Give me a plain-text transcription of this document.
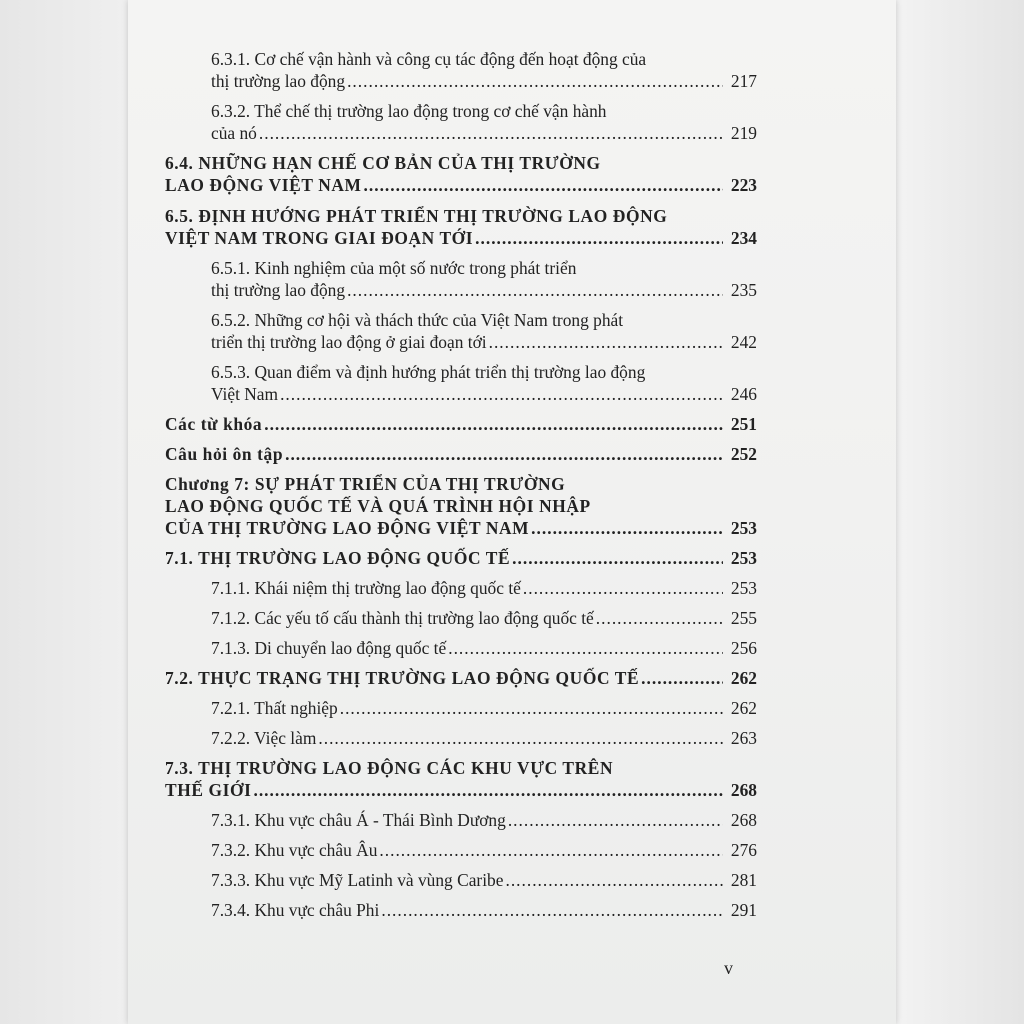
6.3.1. Cơ chế vận hành và công cụ tác động đến hoạt động của
thị trường lao động .....	217
6.3.2. Thể chế thị trường lao động trong cơ chế vận hành
của nó .....	219
6.4. NHỮNG HẠN CHẾ CƠ BẢN CỦA THỊ TRƯỜNG
LAO ĐỘNG VIỆT NAM .....	223
6.5. ĐỊNH HƯỚNG PHÁT TRIỂN THỊ TRƯỜNG LAO ĐỘNG
VIỆT NAM TRONG GIAI ĐOẠN TỚI .....	234
6.5.1. Kinh nghiệm của một số nước trong phát triển
thị trường lao động .....	235
6.5.2. Những cơ hội và thách thức của Việt Nam trong phát
triển thị trường lao động ở giai đoạn tới .....	242
6.5.3. Quan điểm và định hướng phát triển thị trường lao động
Việt Nam .....	246
Các từ khóa .....	251
Câu hỏi ôn tập .....	252
Chương 7: SỰ PHÁT TRIỂN CỦA THỊ TRƯỜNG
LAO ĐỘNG QUỐC TẾ VÀ QUÁ TRÌNH HỘI NHẬP
CỦA THỊ TRƯỜNG LAO ĐỘNG VIỆT NAM .....	253
7.1. THỊ TRƯỜNG LAO ĐỘNG QUỐC TẾ .....	253
7.1.1. Khái niệm thị trường lao động quốc tế .....	253
7.1.2. Các yếu tố cấu thành thị trường lao động quốc tế .....	255
7.1.3. Di chuyển lao động quốc tế .....	256
7.2. THỰC TRẠNG THỊ TRƯỜNG LAO ĐỘNG QUỐC TẾ .....	262
7.2.1. Thất nghiệp .....	262
7.2.2. Việc làm .....	263
7.3. THỊ TRƯỜNG LAO ĐỘNG CÁC KHU VỰC TRÊN
THẾ GIỚI .....	268
7.3.1. Khu vực châu Á - Thái Bình Dương .....	268
7.3.2. Khu vực châu Âu .....	276
7.3.3. Khu vực Mỹ Latinh và vùng Caribe .....	281
7.3.4. Khu vực châu Phi .....	291
v
